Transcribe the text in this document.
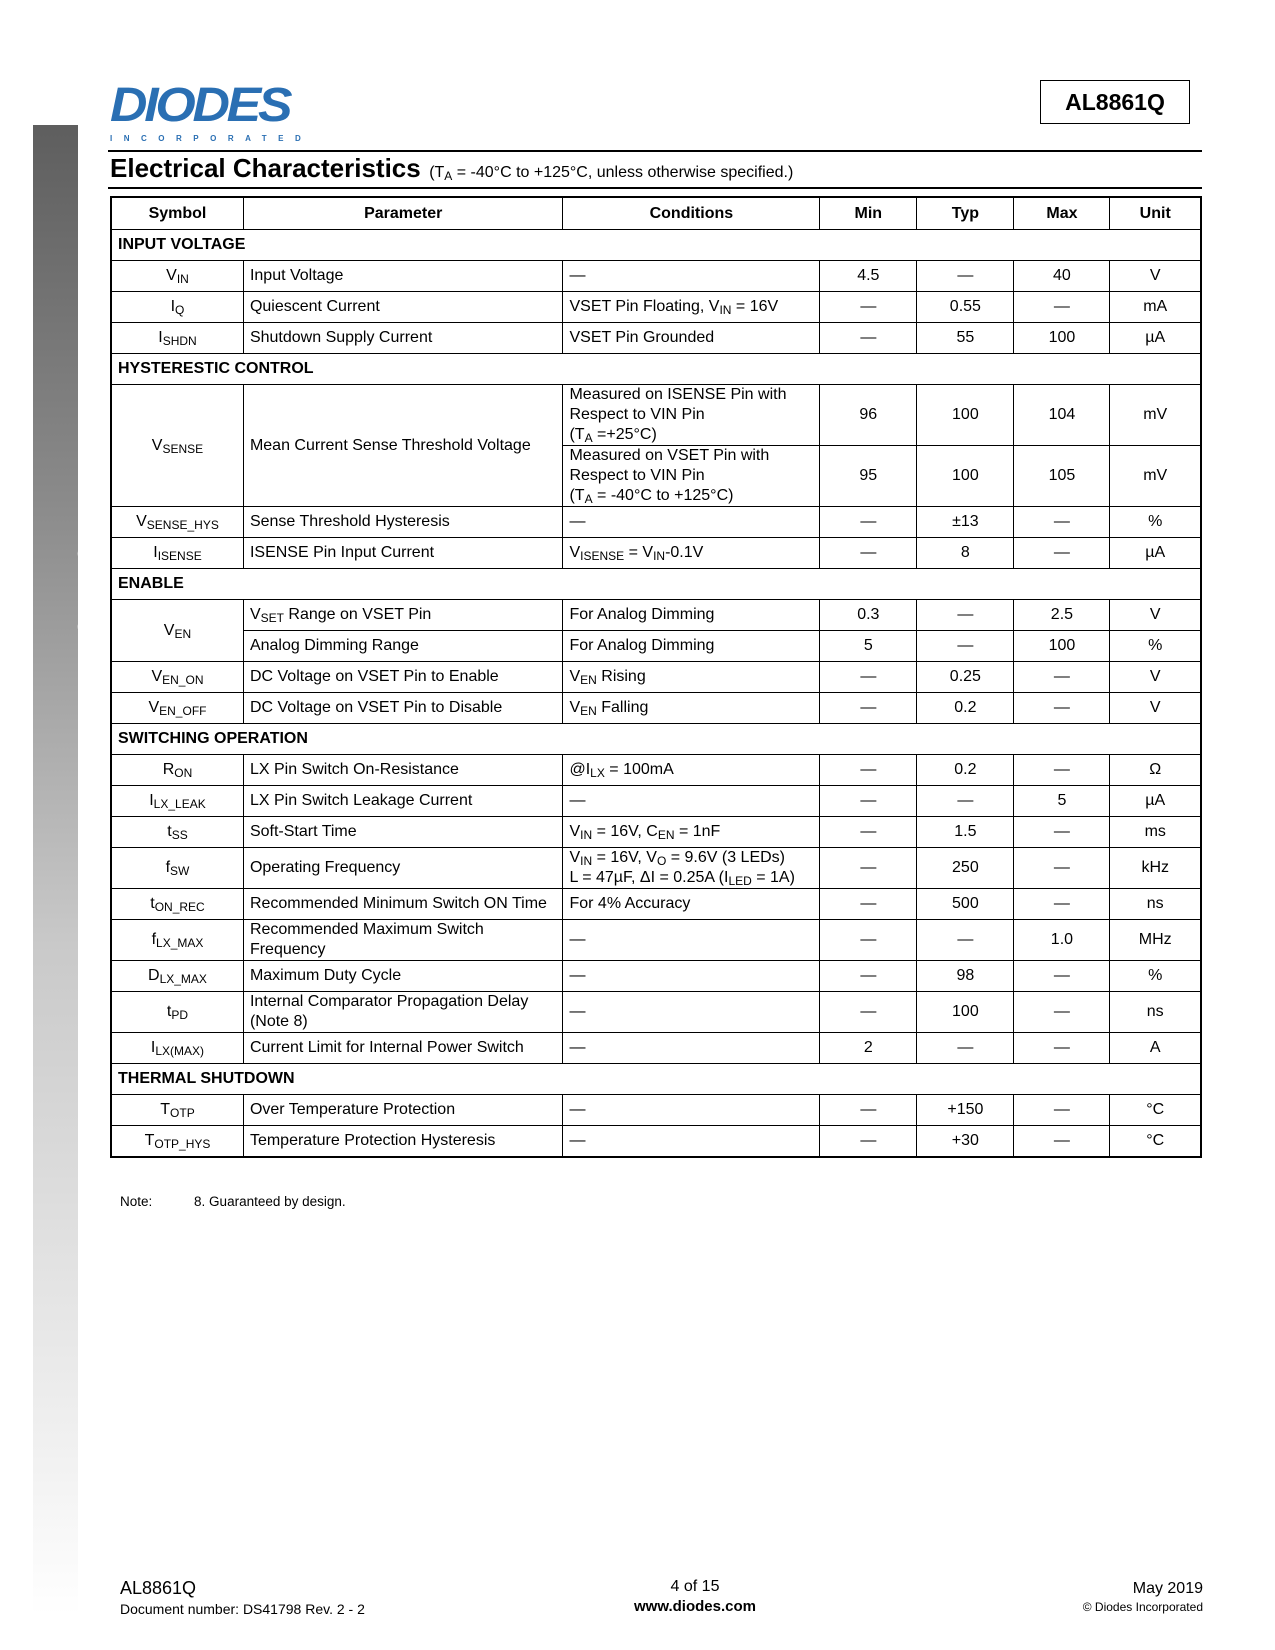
NEW PRODUCT
DIODES
INCORPORATED
AL8861Q
Electrical Characteristics ($T_A = -40^\circ C$ to +125°C, unless otherwise specified.)
Symbol	Parameter	Conditions	Min	Typ	Max	Unit
INPUT VOLTAGE						
$V_{IN}$	Input Voltage	—	4.5	—	40	V
$I_Q$	Quiescent Current	VSET Pin Floating, $V_{IN} = 16V$	—	0.55	—	mA
$I_{SHDN}$	Shutdown Supply Current	VSET Pin Grounded	—	55	100	µA
HYSTERESTIC CONTROL						
$V_{SENSE}$	Mean Current Sense Threshold Voltage	Measured on ISENSE Pin with
Respect to VIN Pin
$(T_A =+25^\circ C)$	96	100	104	mV
		Measured on VSET Pin with
Respect to VIN Pin
($T_A = -40^\circ C$ to +125°C)	95	100	105	mV
$V_{SENSE\_HYS}$	Sense Threshold Hysteresis	—	—	±13	—	%
$I_{ISENSE}$	ISENSE Pin Input Current	$V_{ISENSE} = V_{IN}-0.1V$	—	8	—	µA
ENABLE						
$V_{EN}$	$V_{SET}$ Range on VSET Pin	For Analog Dimming	0.3	—	2.5	V
	Analog Dimming Range	For Analog Dimming	5	—	100	%
$V_{EN\_ON}$	DC Voltage on VSET Pin to Enable	$V_{EN}$ Rising	—	0.25	—	V
$V_{EN\_OFF}$	DC Voltage on VSET Pin to Disable	$V_{EN}$ Falling	—	0.2	—	V
SWITCHING OPERATION						
$R_{ON}$	LX Pin Switch On-Resistance	$@I_{LX} = 100mA$	—	0.2	—	Ω
$I_{LX\_LEAK}$	LX Pin Switch Leakage Current	—	—	—	5	µA
$t_{SS}$	Soft-Start Time	$V_{IN} = 16V$, $C_{EN} = 1nF$	—	1.5	—	ms
$f_{SW}$	Operating Frequency	$V_{IN} = 16V$, $V_O = 9.6V$ (3 LEDs)
L = 47µF, ΔI = 0.25A $(I_{LED} = 1A)$	—	250	—	kHz
$t_{ON\_REC}$	Recommended Minimum Switch ON Time	For 4% Accuracy	—	500	—	ns
$f_{LX\_MAX}$	Recommended Maximum Switch Frequency	—	—	—	1.0	MHz
$D_{LX\_MAX}$	Maximum Duty Cycle	—	—	98	—	%
$t_{PD}$	Internal Comparator Propagation Delay (Note 8)	—	—	100	—	ns
$I_{LX(MAX)}$	Current Limit for Internal Power Switch	—	2	—	—	A
THERMAL SHUTDOWN						
$T_{OTP}$	Over Temperature Protection	—	—	+150	—	°C
$T_{OTP\_HYS}$	Temperature Protection Hysteresis	—	—	+30	—	°C
Note:	8. Guaranteed by design.
AL8861Q
Document number: DS41798 Rev. 2 - 2
4 of 15
www.diodes.com
May 2019
© Diodes Incorporated
